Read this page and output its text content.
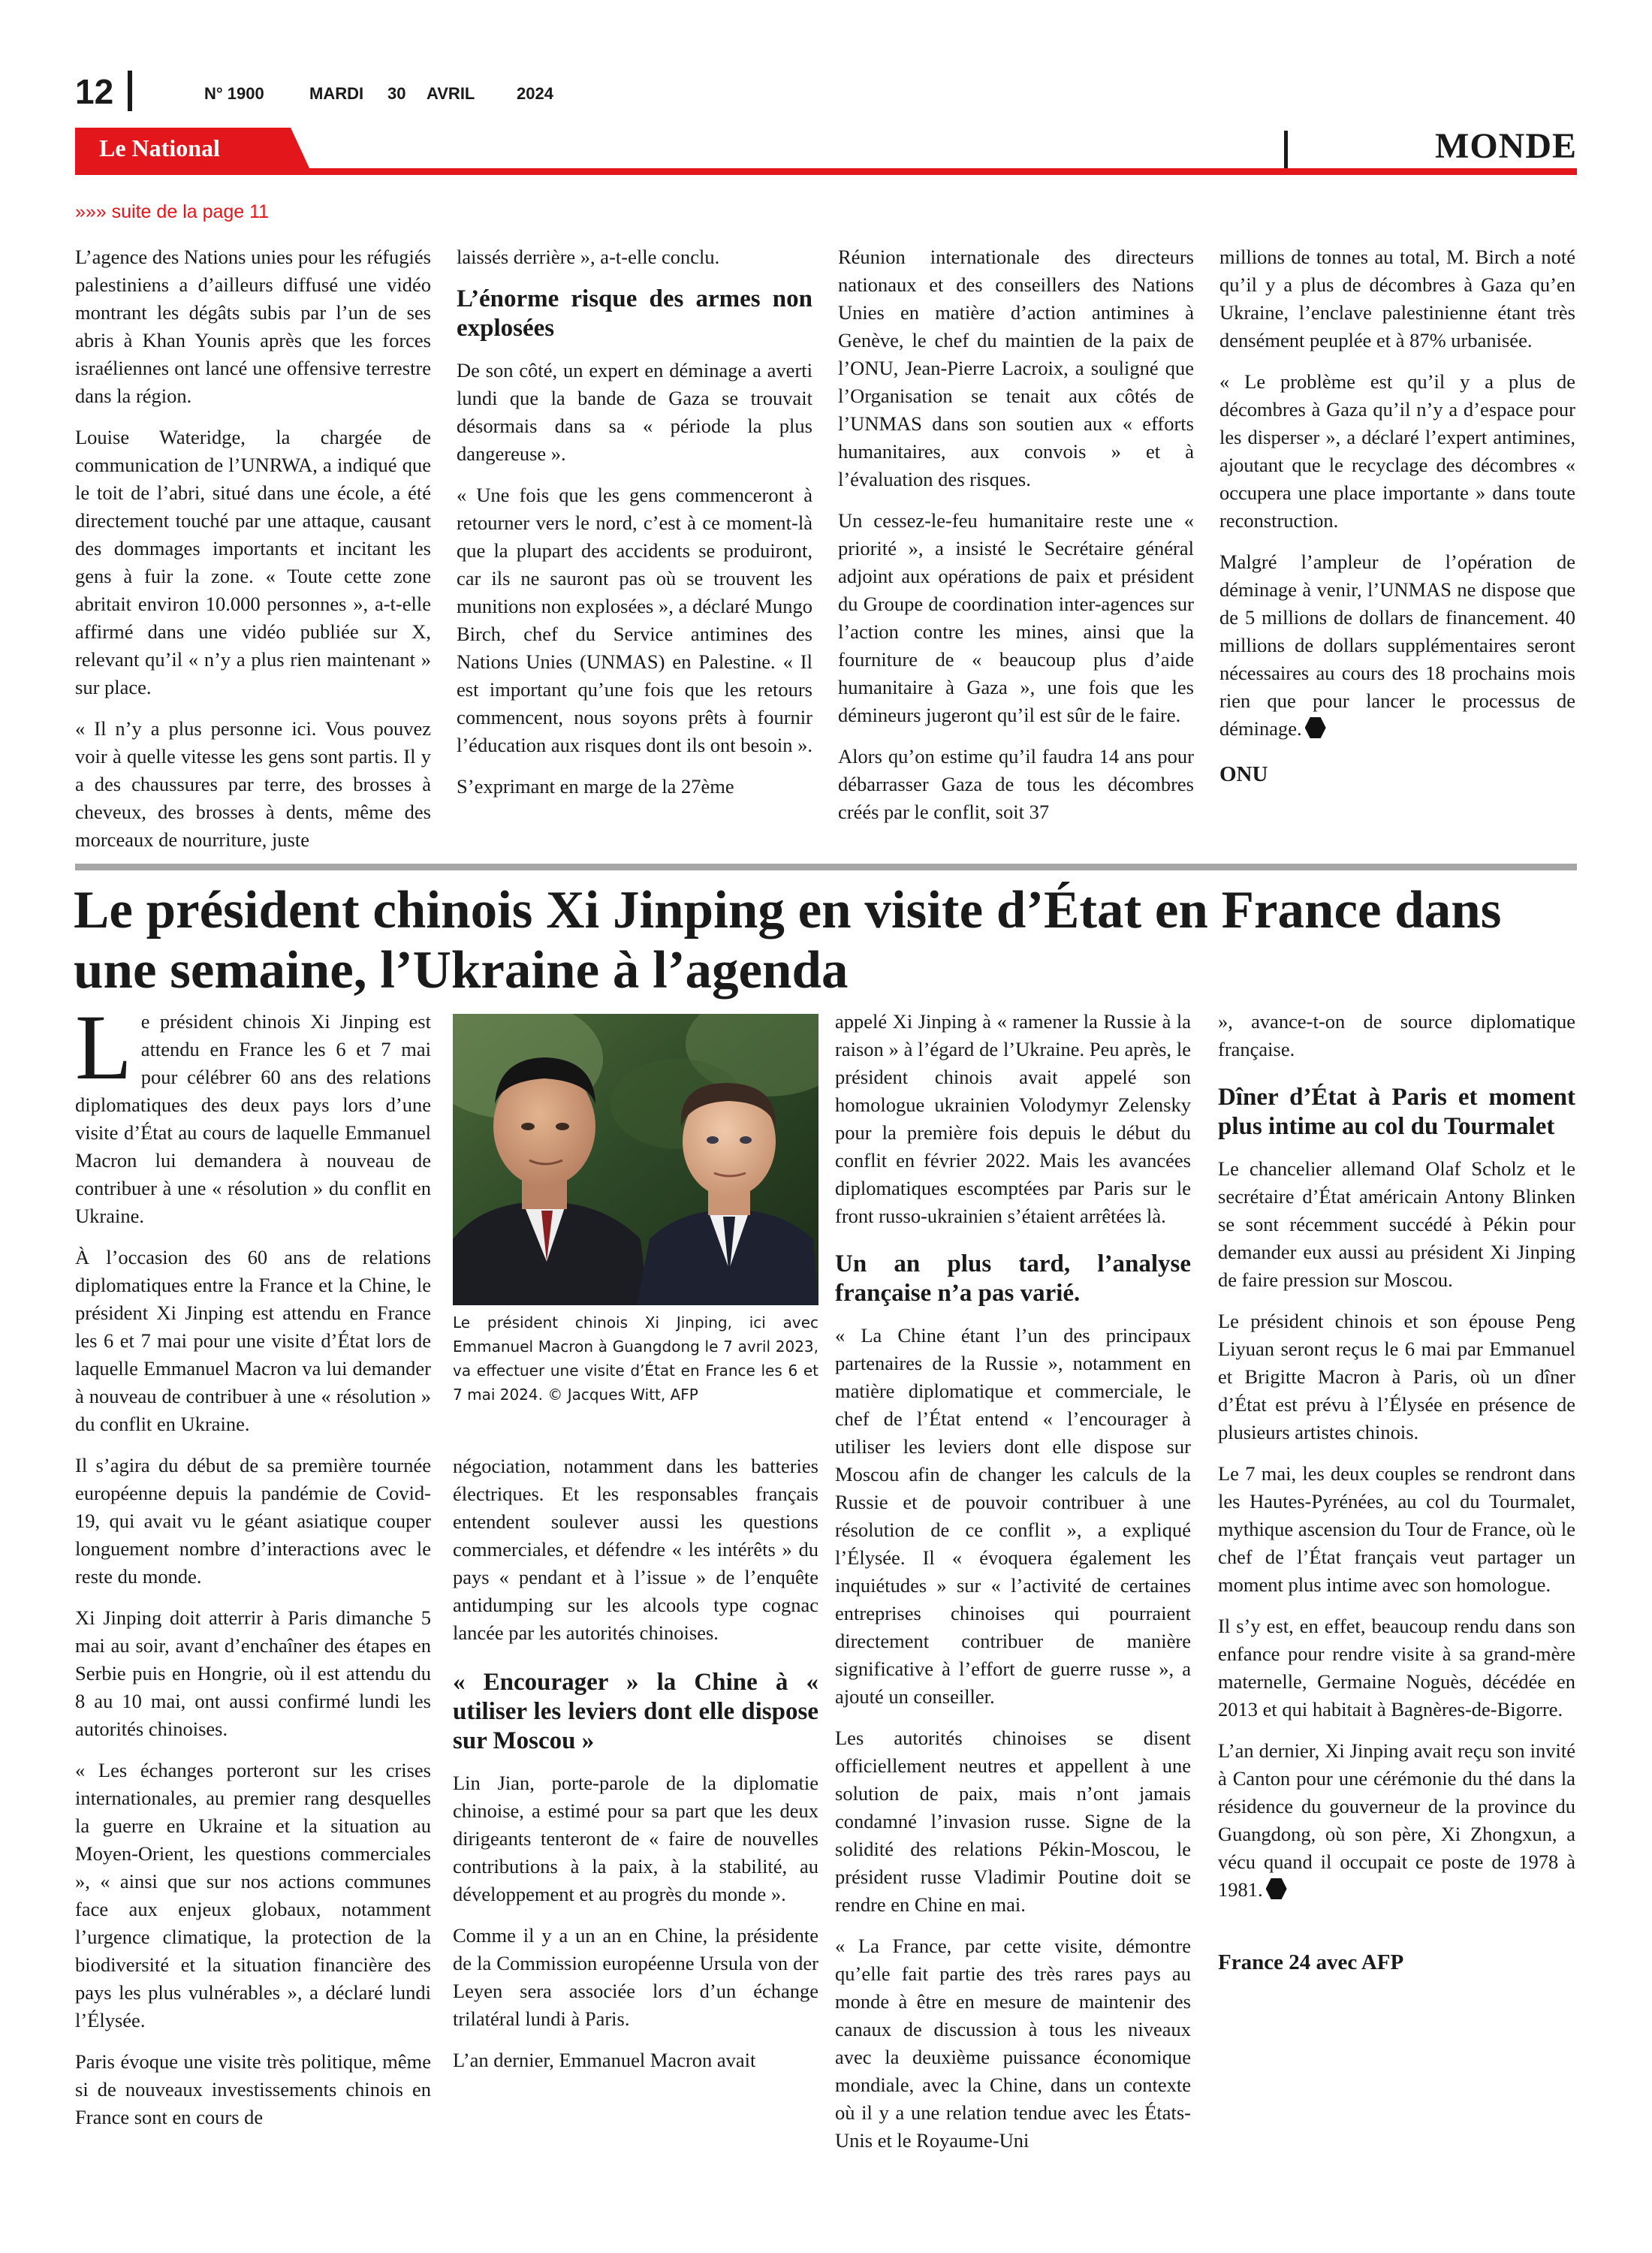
12	N° 1900	MARDI 30 AVRIL	2024
Le National	MONDE
»»» suite de la page 11

L’agence des Nations unies pour les réfugiés palestiniens a d’ailleurs diffusé une vidéo montrant les dégâts subis par l’un de ses abris à Khan Younis après que les forces israéliennes ont lancé une offensive terrestre dans la région.

Louise Wateridge, la chargée de communication de l’UNRWA, a indiqué que le toit de l’abri, situé dans une école, a été directement touché par une attaque, causant des dommages importants et incitant les gens à fuir la zone. « Toute cette zone abritait environ 10.000 personnes », a-t-elle affirmé dans une vidéo publiée sur X, relevant qu’il « n’y a plus rien maintenant » sur place.

« Il n’y a plus personne ici. Vous pouvez voir à quelle vitesse les gens sont partis. Il y a des chaussures par terre, des brosses à cheveux, des brosses à dents, même des morceaux de nourriture, juste

laissés derrière », a-t-elle conclu.

L’énorme risque des armes non explosées

De son côté, un expert en déminage a averti lundi que la bande de Gaza se trouvait désormais dans sa « période la plus dangereuse ».

« Une fois que les gens commenceront à retourner vers le nord, c’est à ce moment-là que la plupart des accidents se produiront, car ils ne sauront pas où se trouvent les munitions non explosées », a déclaré Mungo Birch, chef du Service antimines des Nations Unies (UNMAS) en Palestine. « Il est important qu’une fois que les retours commencent, nous soyons prêts à fournir l’éducation aux risques dont ils ont besoin ».

S’exprimant en marge de la 27ème

Réunion internationale des directeurs nationaux et des conseillers des Nations Unies en matière d’action antimines à Genève, le chef du maintien de la paix de l’ONU, Jean-Pierre Lacroix, a souligné que l’Organisation se tenait aux côtés de l’UNMAS dans son soutien aux « efforts humanitaires, aux convois » et à l’évaluation des risques.

Un cessez-le-feu humanitaire reste une « priorité », a insisté le Secrétaire général adjoint aux opérations de paix et président du Groupe de coordination inter-agences sur l’action contre les mines, ainsi que la fourniture de « beaucoup plus d’aide humanitaire à Gaza », une fois que les démineurs jugeront qu’il est sûr de le faire.

Alors qu’on estime qu’il faudra 14 ans pour débarrasser Gaza de tous les décombres créés par le conflit, soit 37

millions de tonnes au total, M. Birch a noté qu’il y a plus de décombres à Gaza qu’en Ukraine, l’enclave palestinienne étant très densément peuplée et à 87% urbanisée.

« Le problème est qu’il y a plus de décombres à Gaza qu’il n’y a d’espace pour les disperser », a déclaré l’expert antimines, ajoutant que le recyclage des décombres « occupera une place importante » dans toute reconstruction.

Malgré l’ampleur de l’opération de déminage à venir, l’UNMAS ne dispose que de 5 millions de dollars de financement. 40 millions de dollars supplémentaires seront nécessaires au cours des 18 prochains mois rien que pour lancer le processus de déminage.

ONU

Le président chinois Xi Jinping en visite d’État en France dans une semaine, l’Ukraine à l’agenda

Le président chinois Xi Jinping est attendu en France les 6 et 7 mai pour célébrer 60 ans des relations diplomatiques des deux pays lors d’une visite d’État au cours de laquelle Emmanuel Macron lui demandera à nouveau de contribuer à une « résolution » du conflit en Ukraine.

À l’occasion des 60 ans de relations diplomatiques entre la France et la Chine, le président Xi Jinping est attendu en France les 6 et 7 mai pour une visite d’État lors de laquelle Emmanuel Macron va lui demander à nouveau de contribuer à une « résolution » du conflit en Ukraine.

Il s’agira du début de sa première tournée européenne depuis la pandémie de Covid-19, qui avait vu le géant asiatique couper longuement nombre d’interactions avec le reste du monde.

Xi Jinping doit atterrir à Paris dimanche 5 mai au soir, avant d’enchaîner des étapes en Serbie puis en Hongrie, où il est attendu du 8 au 10 mai, ont aussi confirmé lundi les autorités chinoises.

« Les échanges porteront sur les crises internationales, au premier rang desquelles la guerre en Ukraine et la situation au Moyen-Orient, les questions commerciales », « ainsi que sur nos actions communes face aux enjeux globaux, notamment l’urgence climatique, la protection de la biodiversité et la situation financière des pays les plus vulnérables », a déclaré lundi l’Élysée.

Paris évoque une visite très politique, même si de nouveaux investissements chinois en France sont en cours de

Le président chinois Xi Jinping, ici avec Emmanuel Macron à Guangdong le 7 avril 2023, va effectuer une visite d’État en France les 6 et 7 mai 2024. © Jacques Witt, AFP

négociation, notamment dans les batteries électriques. Et les responsables français entendent soulever aussi les questions commerciales, et défendre « les intérêts » du pays « pendant et à l’issue » de l’enquête antidumping sur les alcools type cognac lancée par les autorités chinoises.

« Encourager » la Chine à « utiliser les leviers dont elle dispose sur Moscou »

Lin Jian, porte-parole de la diplomatie chinoise, a estimé pour sa part que les deux dirigeants tenteront de « faire de nouvelles contributions à la paix, à la stabilité, au développement et au progrès du monde ».

Comme il y a un an en Chine, la présidente de la Commission européenne Ursula von der Leyen sera associée lors d’un échange trilatéral lundi à Paris.

L’an dernier, Emmanuel Macron avait

appelé Xi Jinping à « ramener la Russie à la raison » à l’égard de l’Ukraine. Peu après, le président chinois avait appelé son homologue ukrainien Volodymyr Zelensky pour la première fois depuis le début du conflit en février 2022. Mais les avancées diplomatiques escomptées par Paris sur le front russo-ukrainien s’étaient arrêtées là.

Un an plus tard, l’analyse française n’a pas varié.

« La Chine étant l’un des principaux partenaires de la Russie », notamment en matière diplomatique et commerciale, le chef de l’État entend « l’encourager à utiliser les leviers dont elle dispose sur Moscou afin de changer les calculs de la Russie et de pouvoir contribuer à une résolution de ce conflit », a expliqué l’Élysée. Il « évoquera également les inquiétudes » sur « l’activité de certaines entreprises chinoises qui pourraient directement contribuer de manière significative à l’effort de guerre russe », a ajouté un conseiller.

Les autorités chinoises se disent officiellement neutres et appellent à une solution de paix, mais n’ont jamais condamné l’invasion russe. Signe de la solidité des relations Pékin-Moscou, le président russe Vladimir Poutine doit se rendre en Chine en mai.

« La France, par cette visite, démontre qu’elle fait partie des très rares pays au monde à être en mesure de maintenir des canaux de discussion à tous les niveaux avec la deuxième puissance économique mondiale, avec la Chine, dans un contexte où il y a une relation tendue avec les États-Unis et le Royaume-Uni

», avance-t-on de source diplomatique française.

Dîner d’État à Paris et moment plus intime au col du Tourmalet

Le chancelier allemand Olaf Scholz et le secrétaire d’État américain Antony Blinken se sont récemment succédé à Pékin pour demander eux aussi au président Xi Jinping de faire pression sur Moscou.

Le président chinois et son épouse Peng Liyuan seront reçus le 6 mai par Emmanuel et Brigitte Macron à Paris, où un dîner d’État est prévu à l’Élysée en présence de plusieurs artistes chinois.

Le 7 mai, les deux couples se rendront dans les Hautes-Pyrénées, au col du Tourmalet, mythique ascension du Tour de France, où le chef de l’État français veut partager un moment plus intime avec son homologue.

Il s’y est, en effet, beaucoup rendu dans son enfance pour rendre visite à sa grand-mère maternelle, Germaine Noguès, décédée en 2013 et qui habitait à Bagnères-de-Bigorre.

L’an dernier, Xi Jinping avait reçu son invité à Canton pour une cérémonie du thé dans la résidence du gouverneur de la province du Guangdong, où son père, Xi Zhongxun, a vécu quand il occupait ce poste de 1978 à 1981.

France 24 avec AFP
